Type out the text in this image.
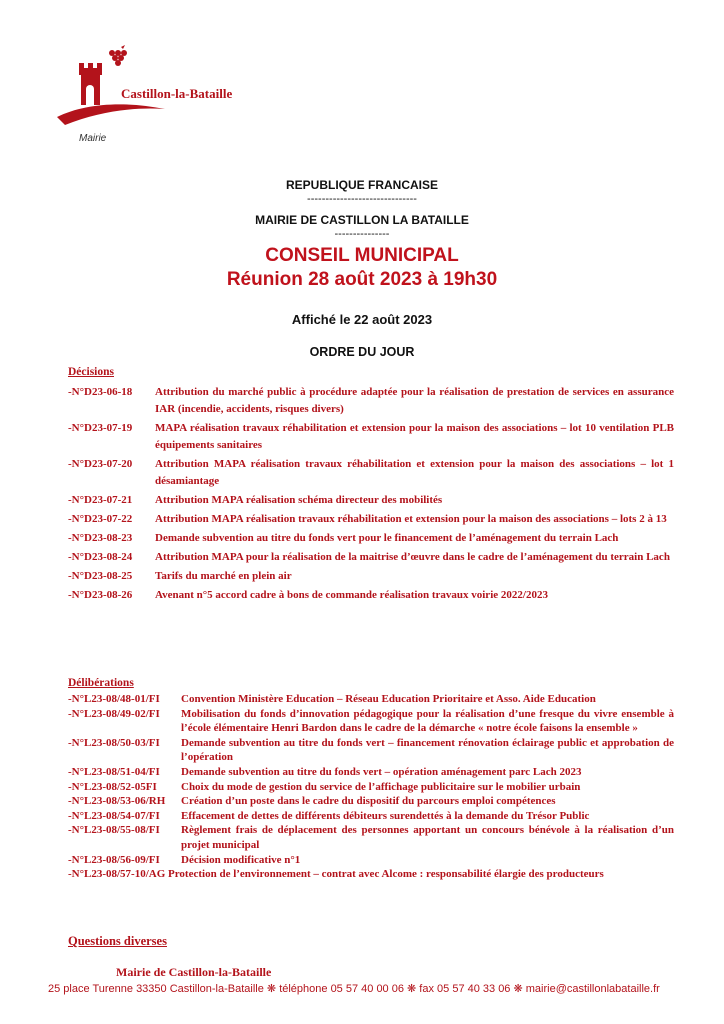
Castillon-la-Bataille
Mairie
REPUBLIQUE FRANCAISE
------------------------------
MAIRIE DE CASTILLON LA BATAILLE
---------------
CONSEIL MUNICIPAL
Réunion 28 août 2023 à 19h30
Affiché le 22 août 2023
ORDRE DU JOUR
Décisions
-N°D23-06-18 Attribution du marché public à procédure adaptée pour la réalisation de prestation de services en assurance IAR (incendie, accidents, risques divers)
-N°D23-07-19 MAPA réalisation travaux réhabilitation et extension pour la maison des associations – lot 10 ventilation PLB équipements sanitaires
-N°D23-07-20 Attribution MAPA réalisation travaux réhabilitation et extension pour la maison des associations – lot 1 désamiantage
-N°D23-07-21 Attribution MAPA réalisation schéma directeur des mobilités
-N°D23-07-22 Attribution MAPA réalisation travaux réhabilitation et extension pour la maison des associations – lots 2 à 13
-N°D23-08-23 Demande subvention au titre du fonds vert pour le financement de l’aménagement du terrain Lach
-N°D23-08-24 Attribution MAPA pour la réalisation de la maitrise d’œuvre dans le cadre de l’aménagement du terrain Lach
-N°D23-08-25 Tarifs du marché en plein air
-N°D23-08-26 Avenant n°5 accord cadre à bons de commande réalisation travaux voirie 2022/2023
Délibérations
-N°L23-08/48-01/FI Convention Ministère Education – Réseau Education Prioritaire et Asso. Aide Education
-N°L23-08/49-02/FI Mobilisation du fonds d’innovation pédagogique pour la réalisation d’une fresque du vivre ensemble à l’école élémentaire Henri Bardon dans le cadre de la démarche « notre école faisons la ensemble »
-N°L23-08/50-03/FI Demande subvention au titre du fonds vert – financement rénovation éclairage public et approbation de l’opération
-N°L23-08/51-04/FI Demande subvention au titre du fonds vert – opération aménagement parc Lach 2023
-N°L23-08/52-05FI Choix du mode de gestion du service de l’affichage publicitaire sur le mobilier urbain
-N°L23-08/53-06/RH Création d’un poste dans le cadre du dispositif du parcours emploi compétences
-N°L23-08/54-07/FI Effacement de dettes de différents débiteurs surendettés à la demande du Trésor Public
-N°L23-08/55-08/FI Règlement frais de déplacement des personnes apportant un concours bénévole à la réalisation d’un projet municipal
-N°L23-08/56-09/FI Décision modificative n°1
-N°L23-08/57-10/AG Protection de l’environnement – contrat avec Alcome : responsabilité élargie des producteurs
Questions diverses
Mairie de Castillon-la-Bataille
25 place Turenne 33350 Castillon-la-Bataille ❋ téléphone 05 57 40 00 06 ❋ fax 05 57 40 33 06 ❋ mairie@castillonlabataille.fr
